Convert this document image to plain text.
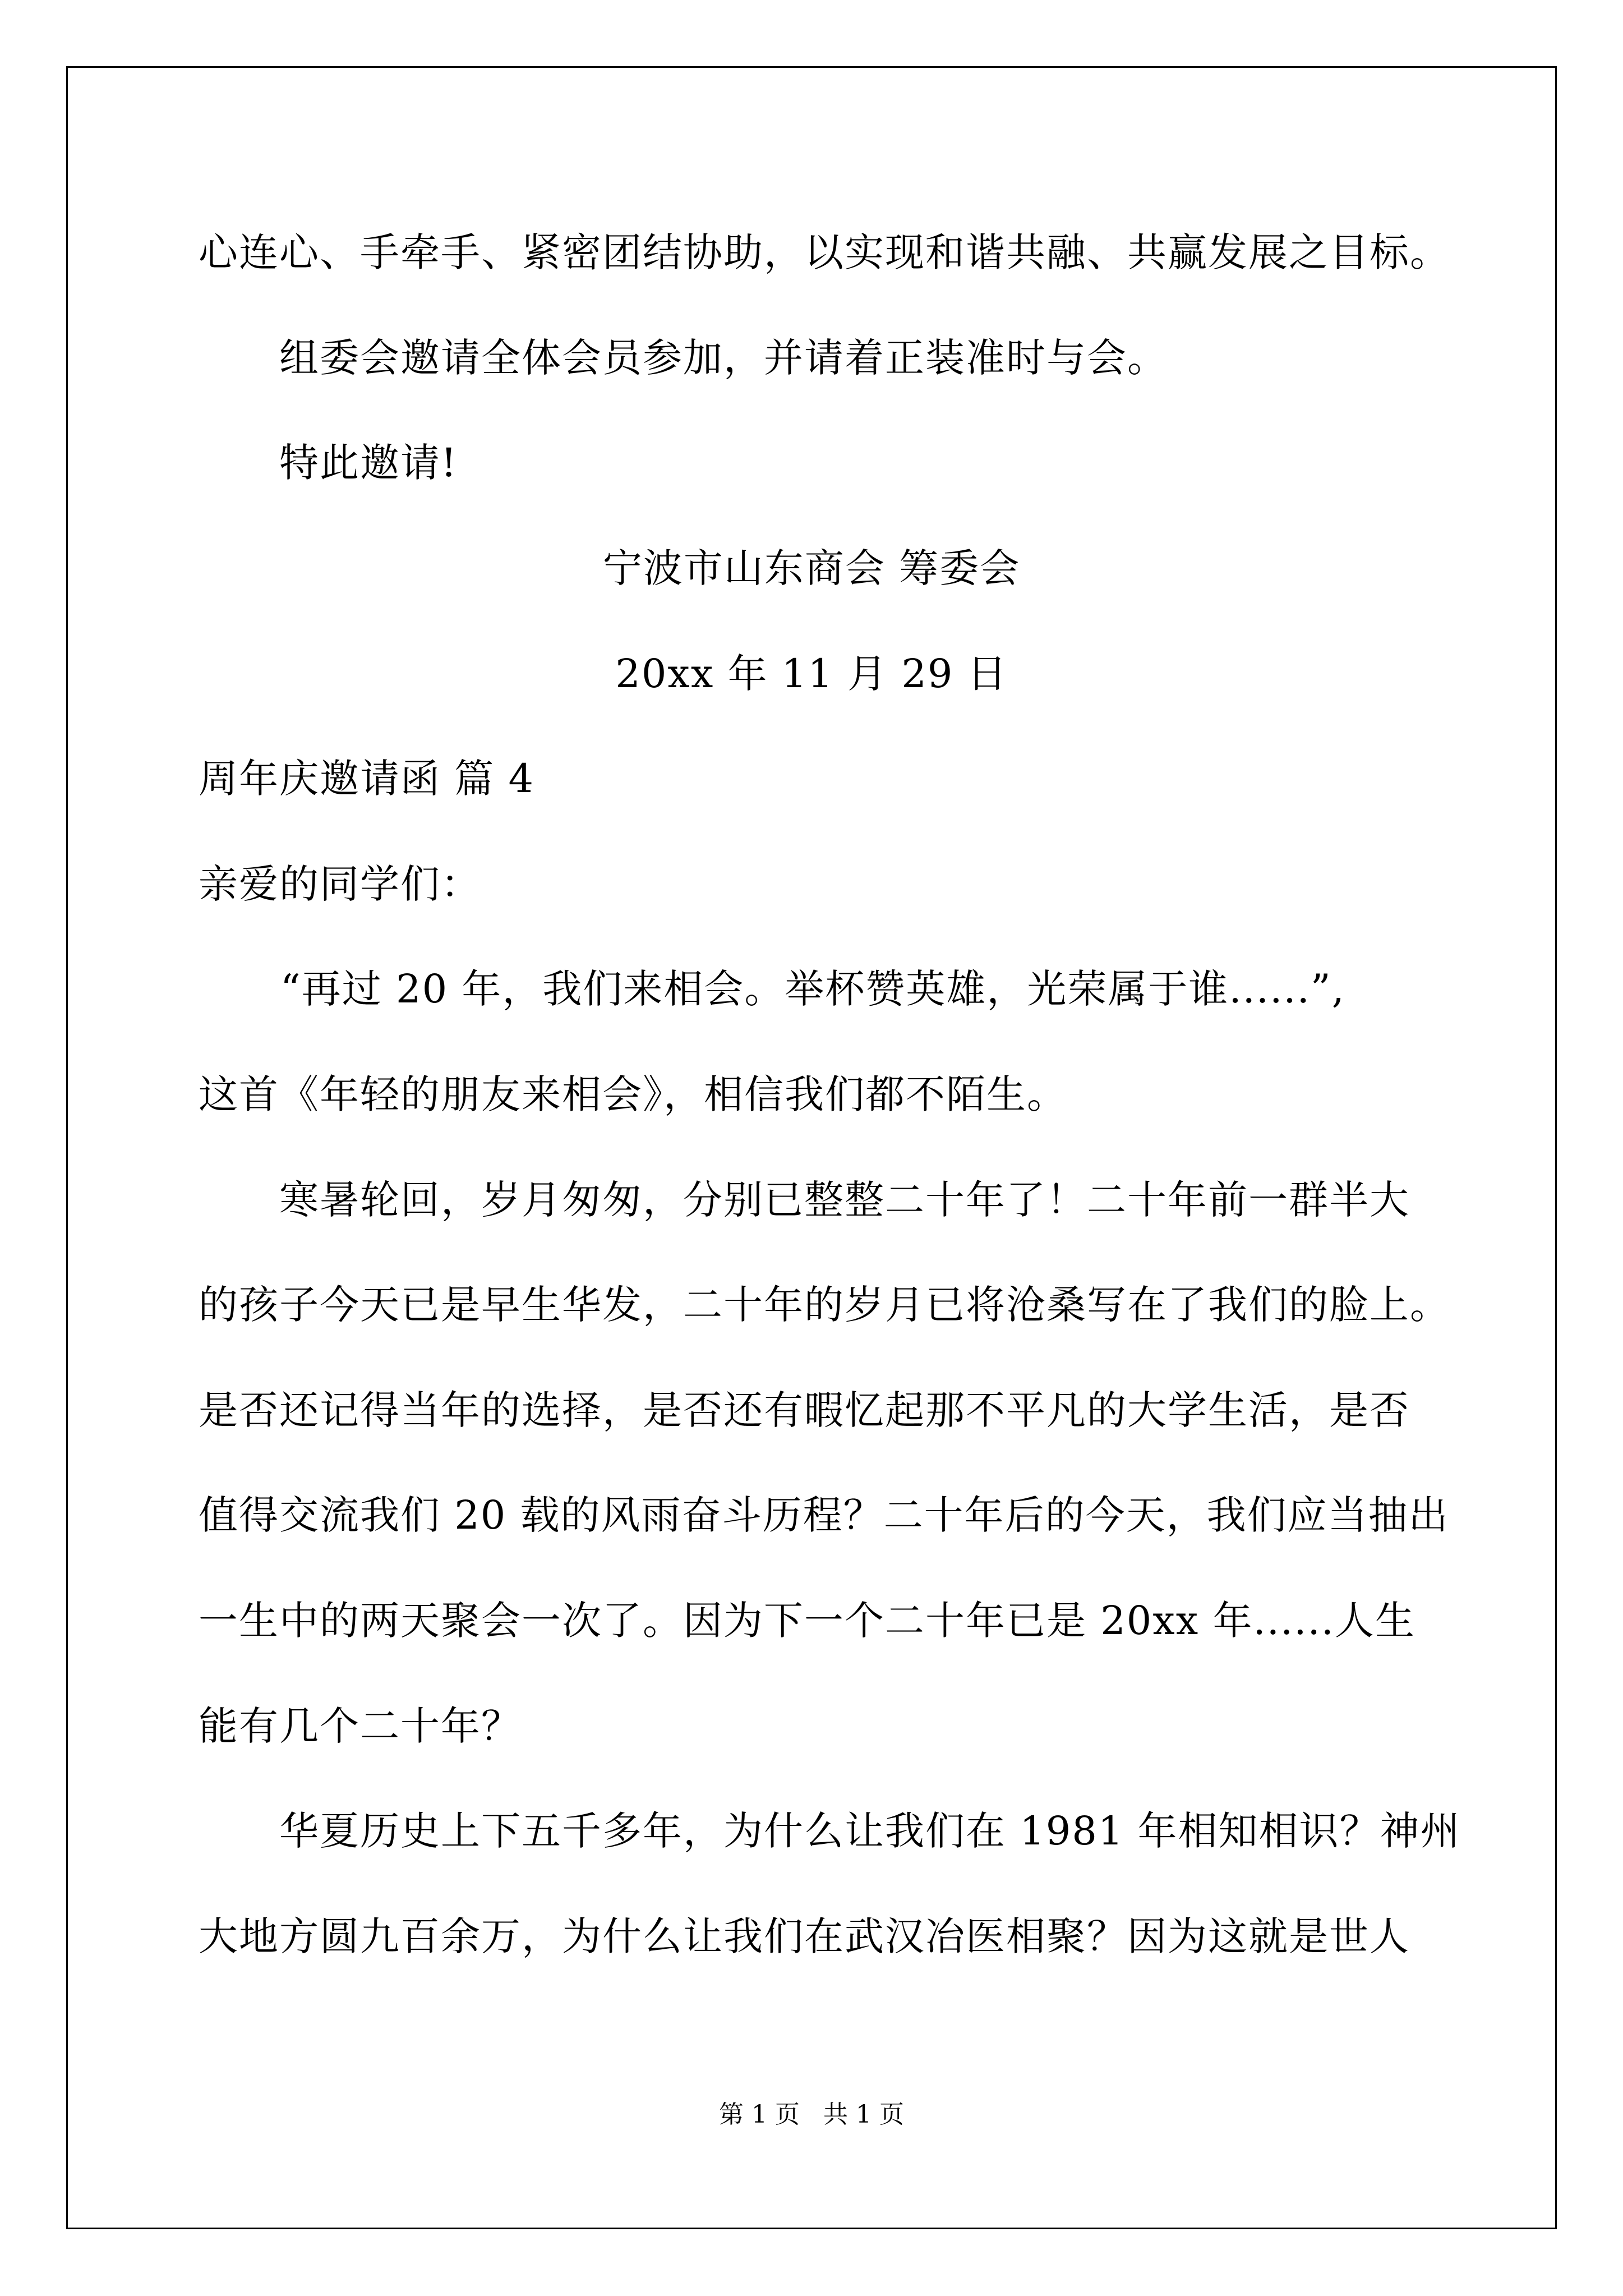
心连心、手牵手、紧密团结协助，以实现和谐共融、共赢发展之目标。
组委会邀请全体会员参加，并请着正装准时与会。
特此邀请!
宁波市山东商会 筹委会
20xx 年 11 月 29 日
周年庆邀请函 篇 4
亲爱的同学们：
“再过 20 年，我们来相会。举杯赞英雄，光荣属于谁......”,
这首《年轻的朋友来相会》，相信我们都不陌生。
寒暑轮回，岁月匆匆，分别已整整二十年了！二十年前一群半大
的孩子今天已是早生华发，二十年的岁月已将沧桑写在了我们的脸上。
是否还记得当年的选择，是否还有暇忆起那不平凡的大学生活，是否
值得交流我们 20 载的风雨奋斗历程？二十年后的今天，我们应当抽出
一生中的两天聚会一次了。因为下一个二十年已是 20xx 年......人生
能有几个二十年？
华夏历史上下五千多年，为什么让我们在 1981 年相知相识？神州
大地方圆九百余万，为什么让我们在武汉冶医相聚？因为这就是世人
第 1 页   共 1 页
